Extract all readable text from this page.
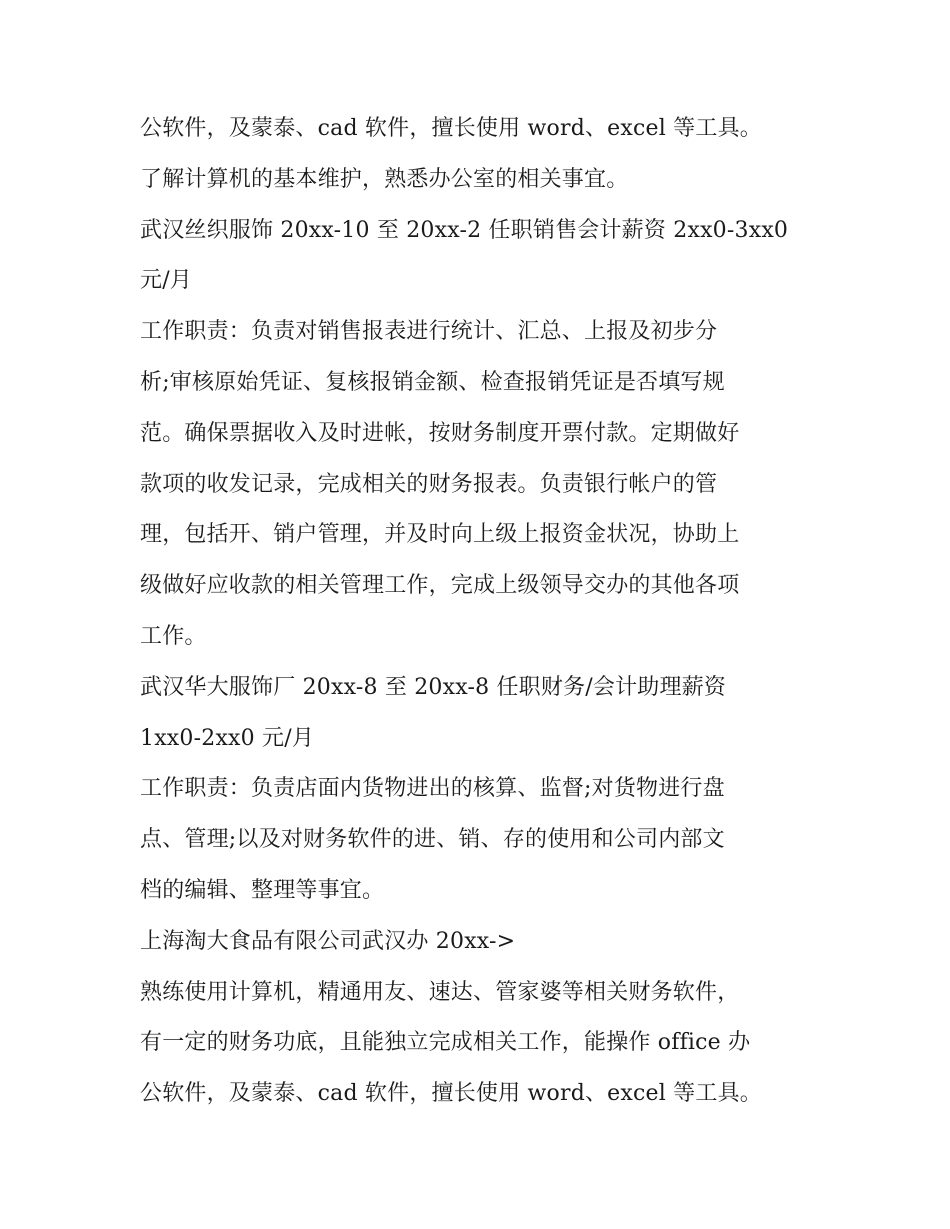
公软件，及蒙泰、cad 软件，擅长使用 word、excel 等工具。
了解计算机的基本维护，熟悉办公室的相关事宜。
武汉丝织服饰 20xx-10 至 20xx-2 任职销售会计薪资 2xx0-3xx0
元/月
工作职责：负责对销售报表进行统计、汇总、上报及初步分
析;审核原始凭证、复核报销金额、检查报销凭证是否填写规
范。确保票据收入及时进帐，按财务制度开票付款。定期做好
款项的收发记录，完成相关的财务报表。负责银行帐户的管
理，包括开、销户管理，并及时向上级上报资金状况，协助上
级做好应收款的相关管理工作，完成上级领导交办的其他各项
工作。
武汉华大服饰厂 20xx-8 至 20xx-8 任职财务/会计助理薪资
1xx0-2xx0 元/月
工作职责：负责店面内货物进出的核算、监督;对货物进行盘
点、管理;以及对财务软件的进、销、存的使用和公司内部文
档的编辑、整理等事宜。
上海淘大食品有限公司武汉办 20xx->
熟练使用计算机，精通用友、速达、管家婆等相关财务软件，
有一定的财务功底，且能独立完成相关工作，能操作 office 办
公软件，及蒙泰、cad 软件，擅长使用 word、excel 等工具。
